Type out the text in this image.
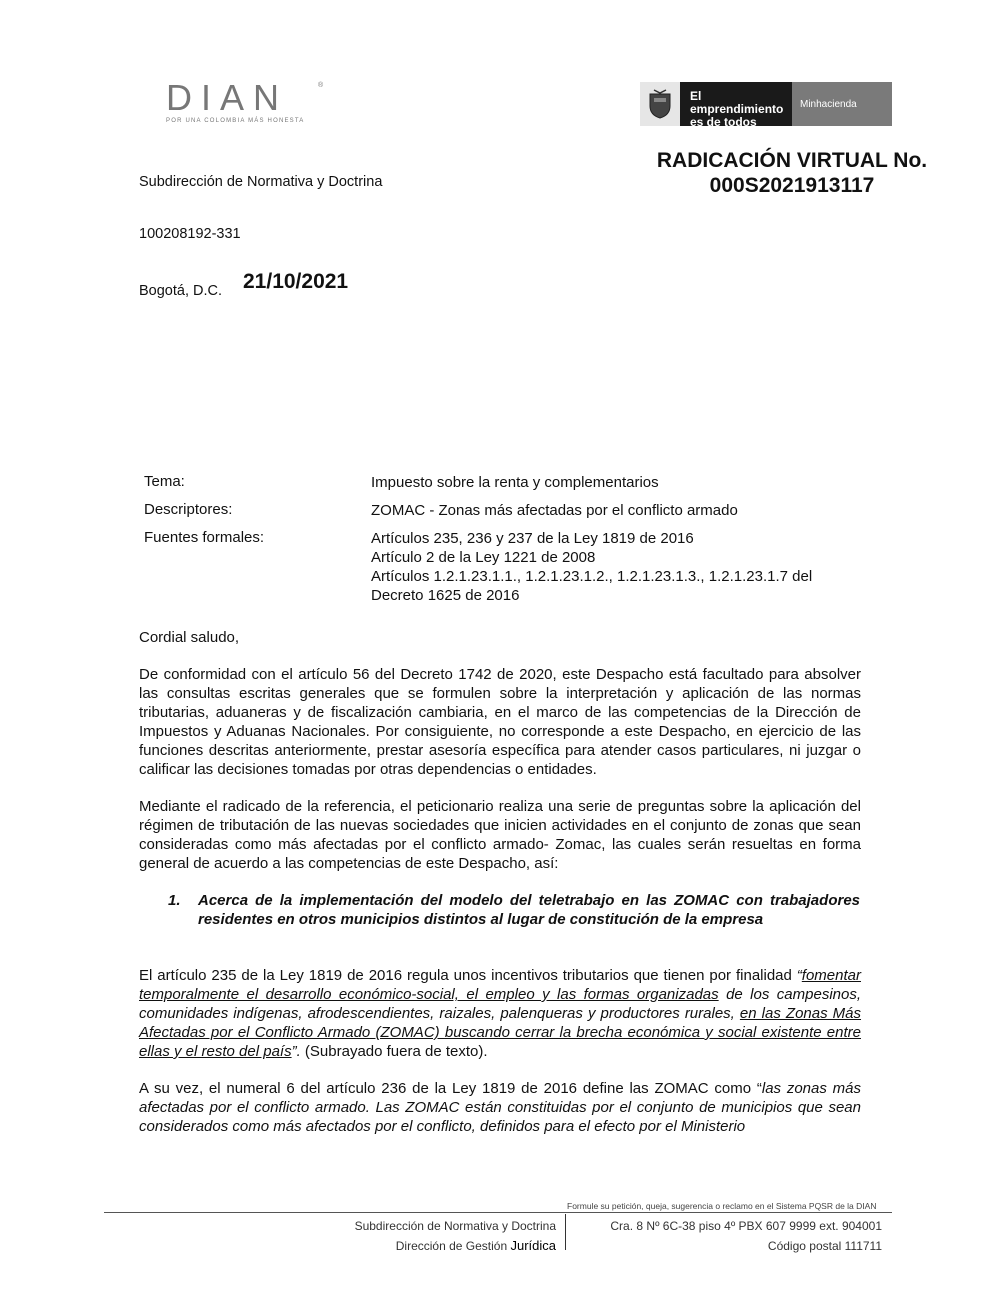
DIAN	®
POR UNA COLOMBIA MÁS HONESTA
El emprendimiento
es de todos
Minhacienda
RADICACIÓN VIRTUAL No.
000S2021913117
Subdirección de Normativa y Doctrina
100208192-331
Bogotá, D.C. 21/10/2021
Tema:	Impuesto sobre la renta y complementarios
Descriptores:	ZOMAC - Zonas más afectadas por el conflicto armado
Fuentes formales:	Artículos 235, 236 y 237 de la Ley 1819 de 2016
Artículo 2 de la Ley 1221 de 2008
Artículos 1.2.1.23.1.1., 1.2.1.23.1.2., 1.2.1.23.1.3., 1.2.1.23.1.7 del
Decreto 1625 de 2016
Cordial saludo,
De conformidad con el artículo 56 del Decreto 1742 de 2020, este Despacho está facultado para absolver las consultas escritas generales que se formulen sobre la interpretación y aplicación de las normas tributarias, aduaneras y de fiscalización cambiaria, en el marco de las competencias de la Dirección de Impuestos y Aduanas Nacionales. Por consiguiente, no corresponde a este Despacho, en ejercicio de las funciones descritas anteriormente, prestar asesoría específica para atender casos particulares, ni juzgar o calificar las decisiones tomadas por otras dependencias o entidades.
Mediante el radicado de la referencia, el peticionario realiza una serie de preguntas sobre la aplicación del régimen de tributación de las nuevas sociedades que inicien actividades en el conjunto de zonas que sean consideradas como más afectadas por el conflicto armado- Zomac, las cuales serán resueltas en forma general de acuerdo a las competencias de este Despacho, así:
1. Acerca de la implementación del modelo del teletrabajo en las ZOMAC con trabajadores residentes en otros municipios distintos al lugar de constitución de la empresa
El artículo 235 de la Ley 1819 de 2016 regula unos incentivos tributarios que tienen por finalidad “fomentar temporalmente el desarrollo económico-social, el empleo y las formas organizadas de los campesinos, comunidades indígenas, afrodescendientes, raizales, palenqueras y productores rurales, en las Zonas Más Afectadas por el Conflicto Armado (ZOMAC) buscando cerrar la brecha económica y social existente entre ellas y el resto del país”. (Subrayado fuera de texto).
A su vez, el numeral 6 del artículo 236 de la Ley 1819 de 2016 define las ZOMAC como “las zonas más afectadas por el conflicto armado. Las ZOMAC están constituidas por el conjunto de municipios que sean considerados como más afectados por el conflicto, definidos para el efecto por el Ministerio
Formule su petición, queja, sugerencia o reclamo en el Sistema PQSR de la DIAN
Subdirección de Normativa y Doctrina
Dirección de Gestión Jurídica
Cra. 8 Nº 6C-38 piso 4º PBX 607 9999 ext. 904001
Código postal 111711
